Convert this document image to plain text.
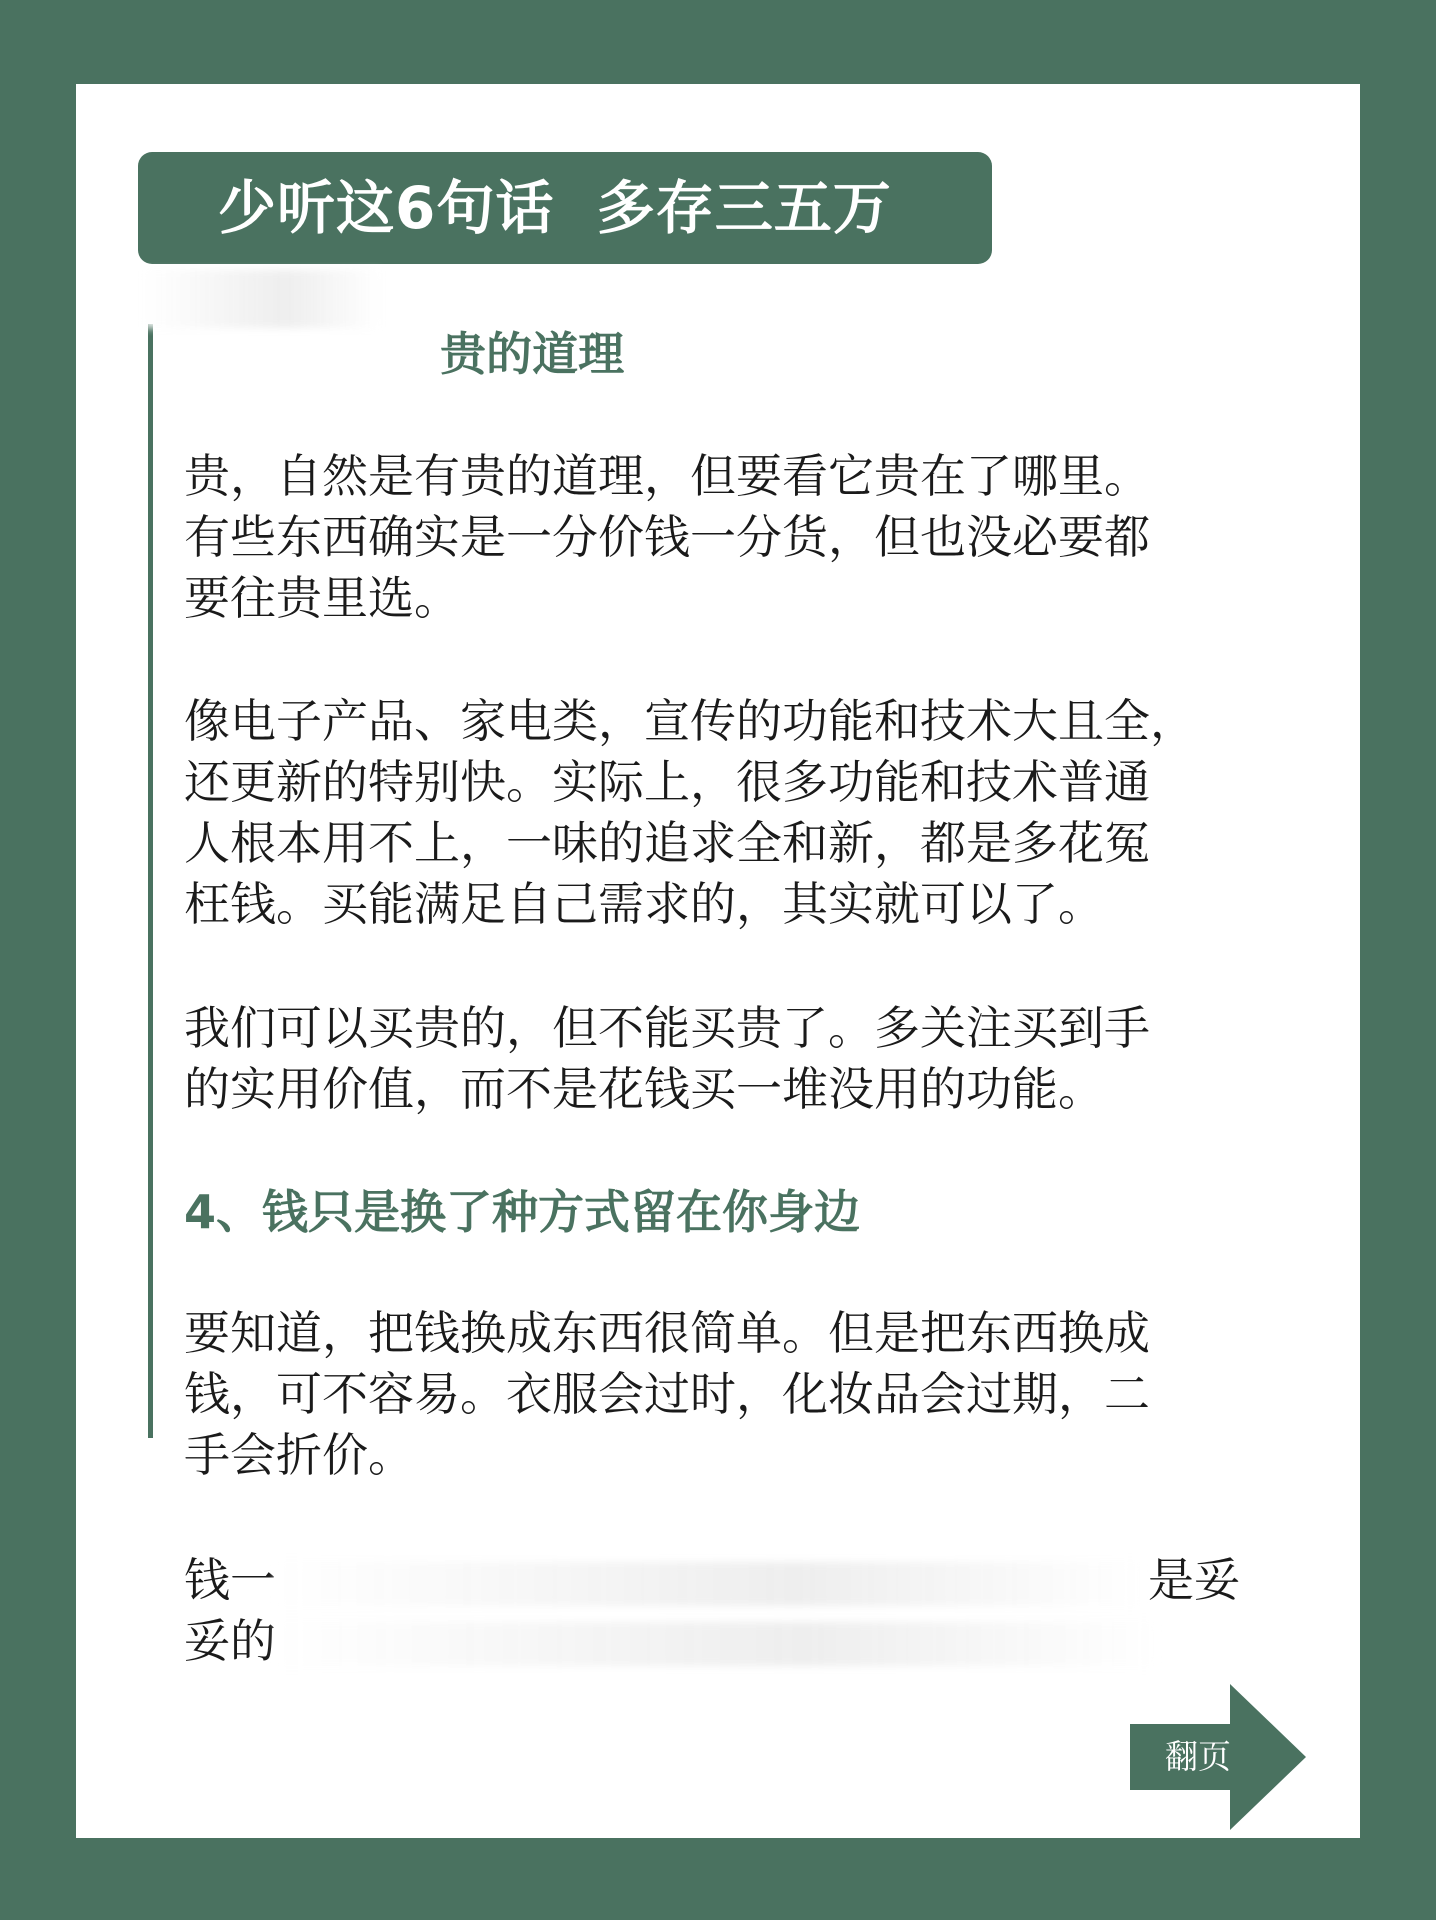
少听这6句话  多存三五万

贵的道理

贵，自然是有贵的道理，但要看它贵在了哪里。
有些东西确实是一分价钱一分货，但也没必要都
要往贵里选。
像电子产品、家电类，宣传的功能和技术大且全，
还更新的特别快。实际上，很多功能和技术普通
人根本用不上，一味的追求全和新，都是多花冤
枉钱。买能满足自己需求的，其实就可以了。
我们可以买贵的，但不能买贵了。多关注买到手
的实用价值，而不是花钱买一堆没用的功能。
4、钱只是换了种方式留在你身边
要知道，把钱换成东西很简单。但是把东西换成
钱，可不容易。衣服会过时，化妆品会过期，二
手会折价。
钱一	是妥
妥的
翻页
